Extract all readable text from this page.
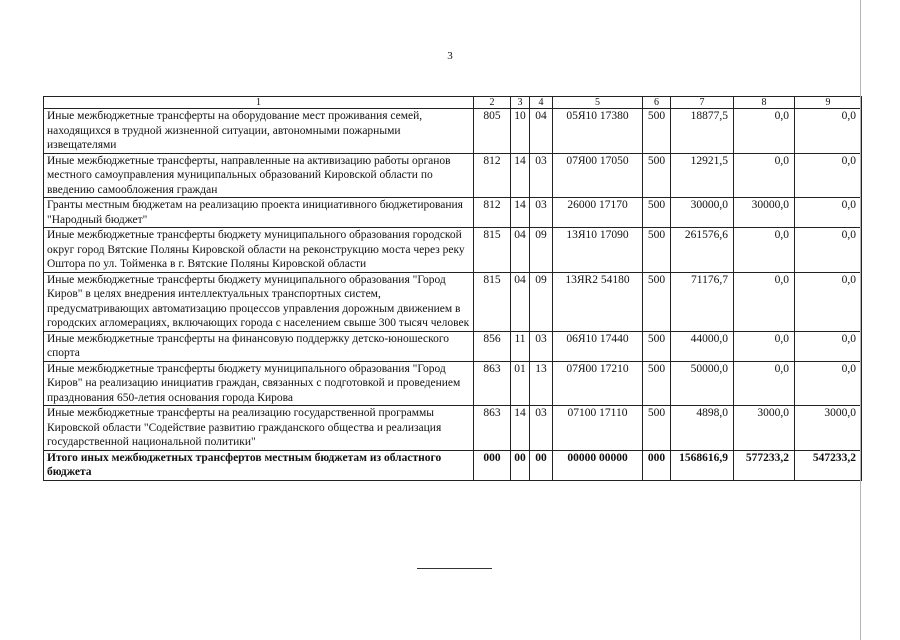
3
1	2	3	4	5	6	7	8	9
Иные межбюджетные трансферты на оборудование мест проживания семей, находящихся в трудной жизненной ситуации, автономными пожарными извещателями	805	10	04	05Я10 17380	500	18877,5	0,0	0,0
Иные межбюджетные трансферты, направленные на активизацию работы органов местного самоуправления муниципальных образований Кировской области по введению самообложения граждан	812	14	03	07Я00 17050	500	12921,5	0,0	0,0
Гранты местным бюджетам на реализацию проекта инициативного бюджетирования "Народный бюджет"	812	14	03	26000 17170	500	30000,0	30000,0	0,0
Иные межбюджетные трансферты бюджету муниципального образования городской округ город Вятские Поляны Кировской области на реконструкцию моста через реку Оштора по ул. Тойменка в г. Вятские Поляны Кировской области	815	04	09	13Я10 17090	500	261576,6	0,0	0,0
Иные межбюджетные трансферты бюджету муниципального образования "Город Киров" в целях внедрения интеллектуальных транспортных систем, предусматривающих автоматизацию процессов управления дорожным движением в городских агломерациях, включающих города с населением свыше 300 тысяч человек	815	04	09	13ЯR2 54180	500	71176,7	0,0	0,0
Иные межбюджетные трансферты на финансовую поддержку детско-юношеского спорта	856	11	03	06Я10 17440	500	44000,0	0,0	0,0
Иные межбюджетные трансферты бюджету муниципального образования "Город Киров" на реализацию инициатив граждан, связанных с подготовкой и проведением празднования 650-летия основания города Кирова	863	01	13	07Я00 17210	500	50000,0	0,0	0,0
Иные межбюджетные трансферты на реализацию государственной программы Кировской области "Содействие развитию гражданского общества и реализация государственной национальной политики"	863	14	03	07100 17110	500	4898,0	3000,0	3000,0
Итого иных межбюджетных трансфертов местным бюджетам из областного бюджета	000	00	00	00000 00000	000	1568616,9	577233,2	547233,2
